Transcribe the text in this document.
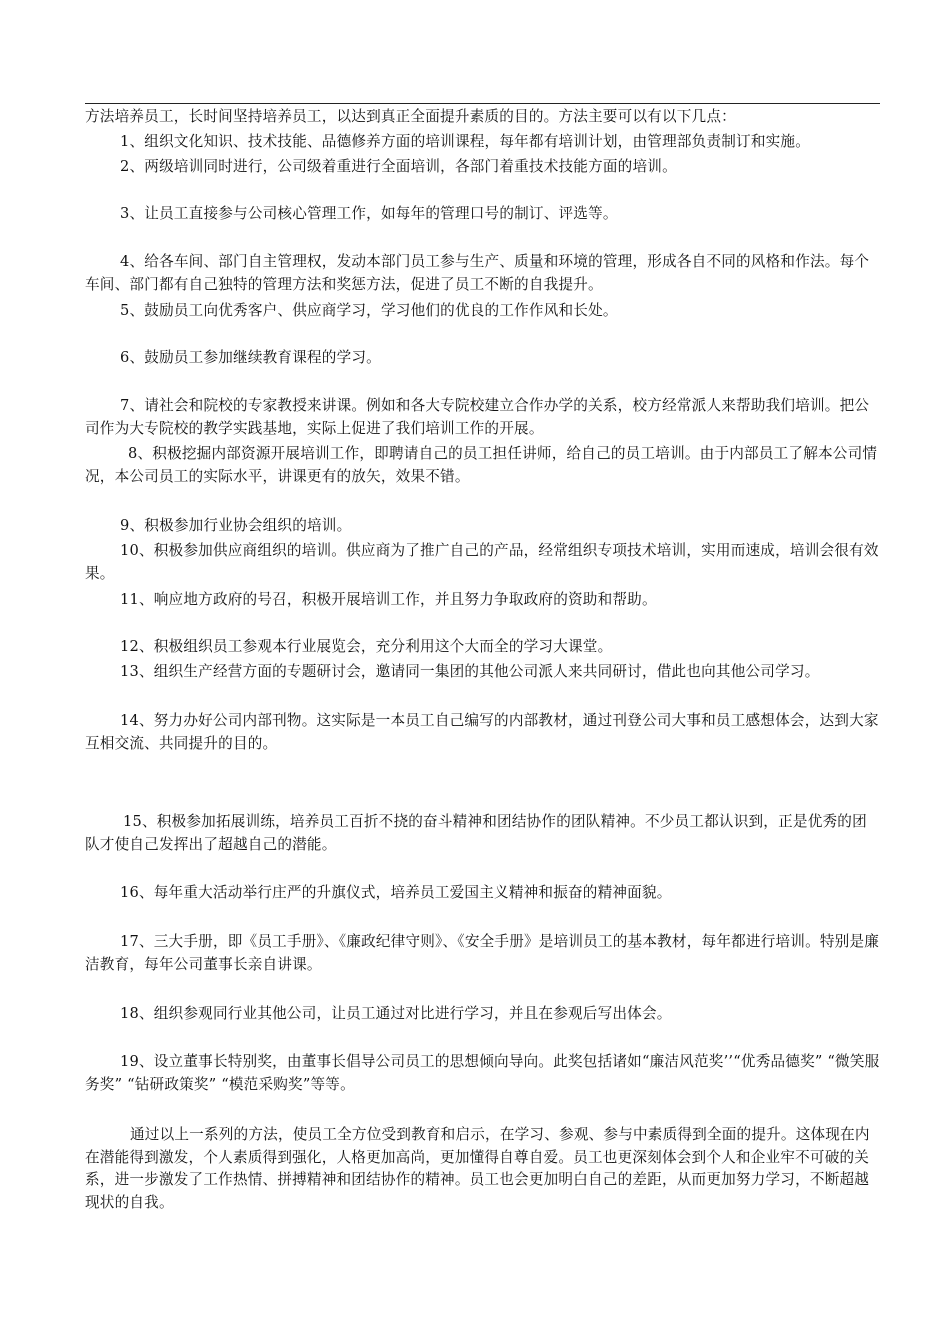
方法培养员工，长时间坚持培养员工，以达到真正全面提升素质的目的。方法主要可以有以下几点：

1、组织文化知识、技术技能、品德修养方面的培训课程，每年都有培训计划，由管理部负责制订和实施。

2、两级培训同时进行，公司级着重进行全面培训，各部门着重技术技能方面的培训。

3、让员工直接参与公司核心管理工作，如每年的管理口号的制订、评选等。

4、给各车间、部门自主管理权，发动本部门员工参与生产、质量和环境的管理，形成各自不同的风格和作法。每个车间、部门都有自己独特的管理方法和奖惩方法，促进了员工不断的自我提升。

5、鼓励员工向优秀客户、供应商学习，学习他们的优良的工作作风和长处。

6、鼓励员工参加继续教育课程的学习。

7、请社会和院校的专家教授来讲课。例如和各大专院校建立合作办学的关系，校方经常派人来帮助我们培训。把公司作为大专院校的教学实践基地，实际上促进了我们培训工作的开展。

8、积极挖掘内部资源开展培训工作，即聘请自己的员工担任讲师，给自己的员工培训。由于内部员工了解本公司情况，本公司员工的实际水平，讲课更有的放矢，效果不错。

9、积极参加行业协会组织的培训。

10、积极参加供应商组织的培训。供应商为了推广自己的产品，经常组织专项技术培训，实用而速成，培训会很有效果。

11、响应地方政府的号召，积极开展培训工作，并且努力争取政府的资助和帮助。

12、积极组织员工参观本行业展览会，充分利用这个大而全的学习大课堂。

13、组织生产经营方面的专题研讨会，邀请同一集团的其他公司派人来共同研讨，借此也向其他公司学习。

14、努力办好公司内部刊物。这实际是一本员工自己编写的内部教材，通过刊登公司大事和员工感想体会，达到大家互相交流、共同提升的目的。

15、积极参加拓展训练，培养员工百折不挠的奋斗精神和团结协作的团队精神。不少员工都认识到，正是优秀的团队才使自己发挥出了超越自己的潜能。

16、每年重大活动举行庄严的升旗仪式，培养员工爱国主义精神和振奋的精神面貌。

17、三大手册，即《员工手册》、《廉政纪律守则》、《安全手册》是培训员工的基本教材，每年都进行培训。特别是廉洁教育，每年公司董事长亲自讲课。

18、组织参观同行业其他公司，让员工通过对比进行学习，并且在参观后写出体会。

19、设立董事长特别奖，由董事长倡导公司员工的思想倾向导向。此奖包括诸如“廉洁风范奖’’“优秀品德奖” “微笑服务奖” “钻研政策奖” “模范采购奖”等等。

通过以上一系列的方法，使员工全方位受到教育和启示，在学习、参观、参与中素质得到全面的提升。这体现在内在潜能得到激发，个人素质得到强化，人格更加高尚，更加懂得自尊自爱。员工也更深刻体会到个人和企业牢不可破的关系，进一步激发了工作热情、拼搏精神和团结协作的精神。员工也会更加明白自己的差距，从而更加努力学习，不断超越现状的自我。
